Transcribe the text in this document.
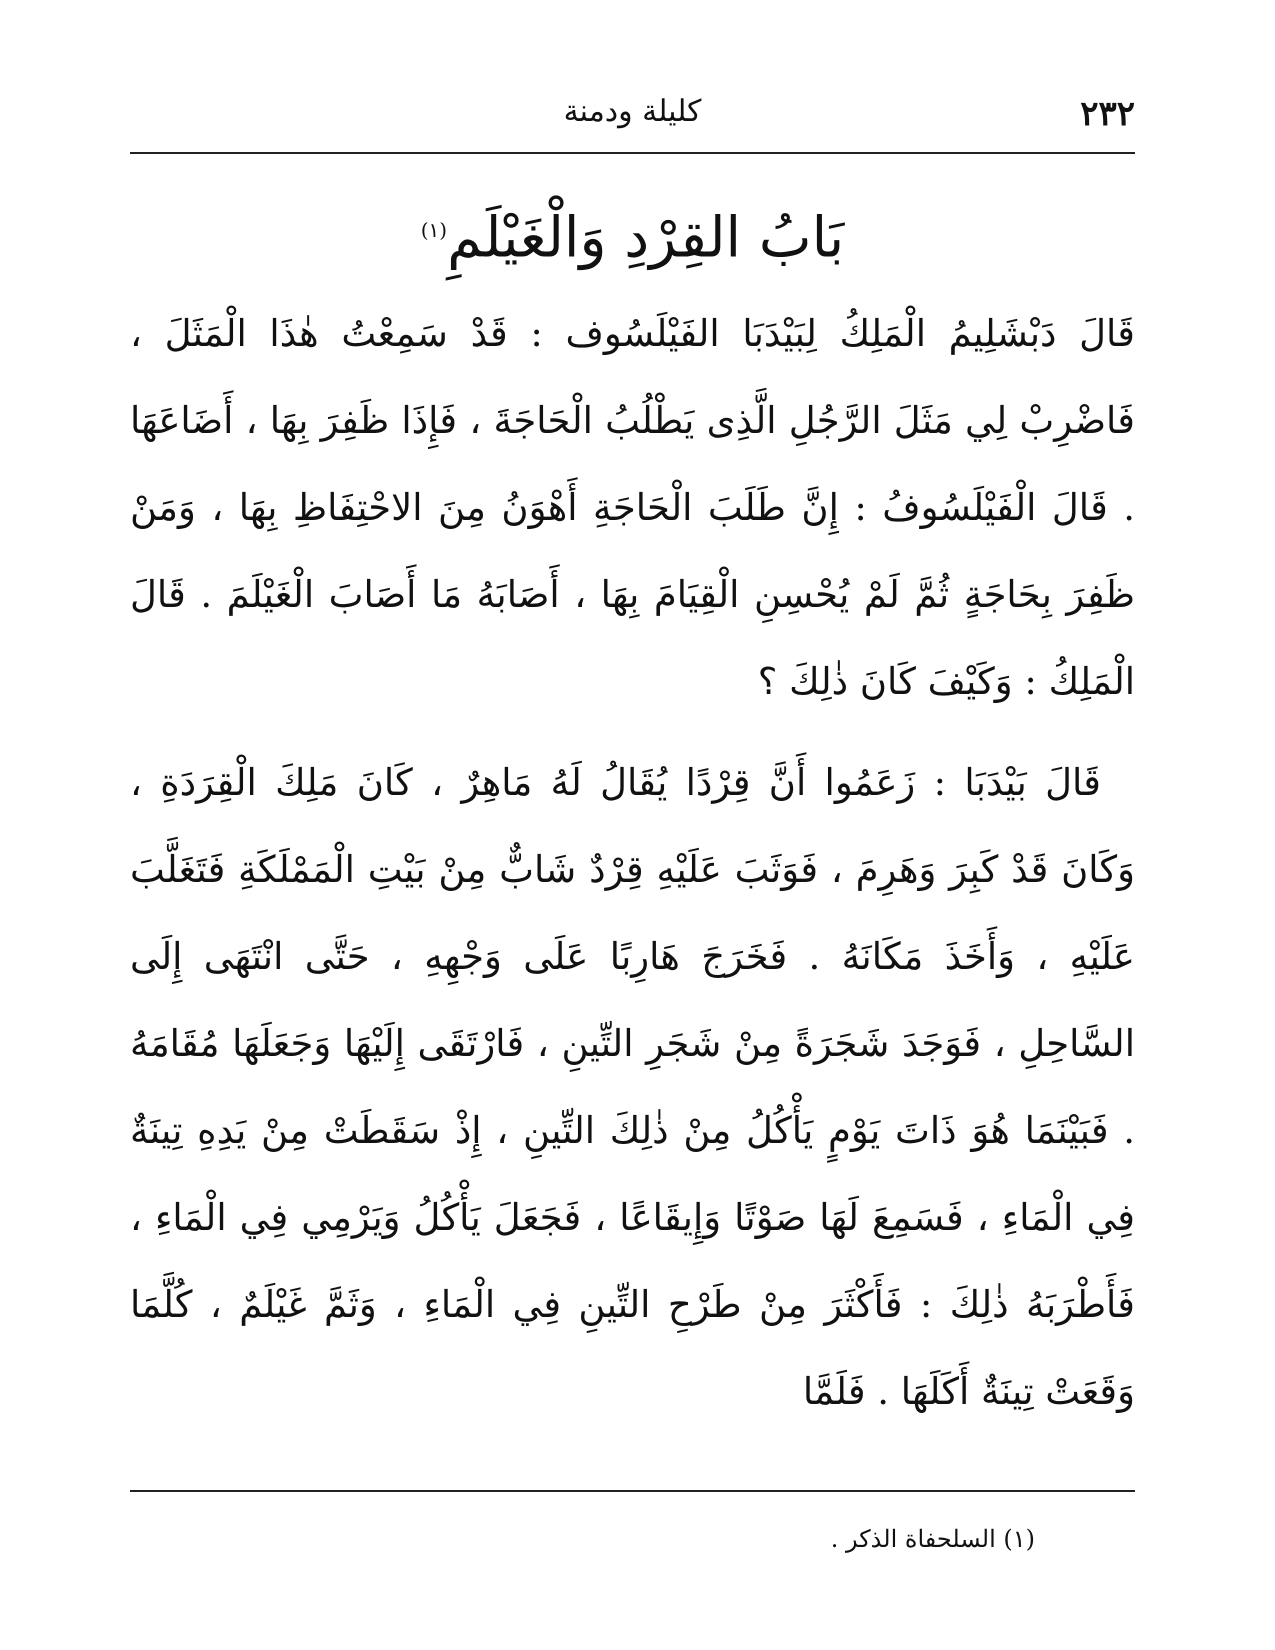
٢٣٢
كليلة ودمنة
بَابُ القِرْدِ وَالْغَيْلَمِ$^{(١)}$

قَالَ دَبْشَلِيمُ الْمَلِكُ لِبَيْدَبَا الفَيْلَسُوف : قَدْ سَمِعْتُ هٰذَا الْمَثَلَ ، فَاضْرِبْ لِي مَثَلَ الرَّجُلِ الَّذِى يَطْلُبُ الْحَاجَةَ ، فَإِذَا ظَفِرَ بِهَا ، أَضَاعَهَا . قَالَ الْفَيْلَسُوفُ : إِنَّ طَلَبَ الْحَاجَةِ أَهْوَنُ مِنَ الاحْتِفَاظِ بِهَا ، وَمَنْ ظَفِرَ بِحَاجَةٍ ثُمَّ لَمْ يُحْسِنِ الْقِيَامَ بِهَا ، أَصَابَهُ مَا أَصَابَ الْغَيْلَمَ . قَالَ الْمَلِكُ : وَكَيْفَ كَانَ ذٰلِكَ ؟

قَالَ بَيْدَبَا : زَعَمُوا أَنَّ قِرْدًا يُقَالُ لَهُ مَاهِرٌ ، كَانَ مَلِكَ الْقِرَدَةِ ، وَكَانَ قَدْ كَبِرَ وَهَرِمَ ، فَوَثَبَ عَلَيْهِ قِرْدٌ شَابٌّ مِنْ بَيْتِ الْمَمْلَكَةِ فَتَغَلَّبَ عَلَيْهِ ، وَأَخَذَ مَكَانَهُ . فَخَرَجَ هَارِبًا عَلَى وَجْهِهِ ، حَتَّى انْتَهَى إِلَى السَّاحِلِ ، فَوَجَدَ شَجَرَةً مِنْ شَجَرِ التِّينِ ، فَارْتَقَى إِلَيْهَا وَجَعَلَهَا مُقَامَهُ . فَبَيْنَمَا هُوَ ذَاتَ يَوْمٍ يَأْكُلُ مِنْ ذٰلِكَ التِّينِ ، إِذْ سَقَطَتْ مِنْ يَدِهِ تِينَةٌ فِي الْمَاءِ ، فَسَمِعَ لَهَا صَوْتًا وَإِيقَاعًا ، فَجَعَلَ يَأْكُلُ وَيَرْمِي فِي الْمَاءِ ، فَأَطْرَبَهُ ذٰلِكَ : فَأَكْثَرَ مِنْ طَرْحِ التِّينِ فِي الْمَاءِ ، وَثَمَّ غَيْلَمٌ ، كُلَّمَا وَقَعَتْ تِينَةٌ أَكَلَهَا . فَلَمَّا

(١) السلحفاة الذكر .
